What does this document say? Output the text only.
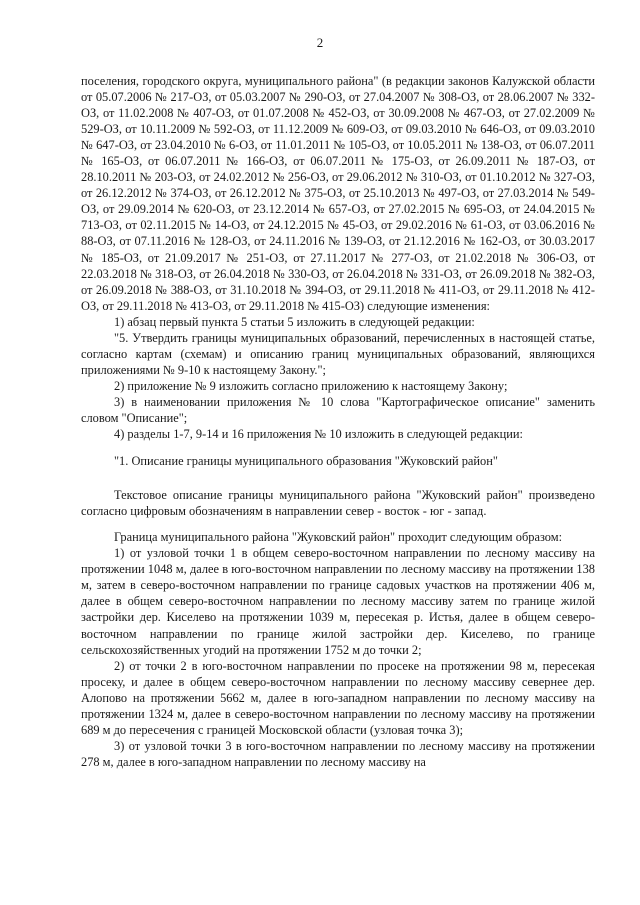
2

поселения, городского округа, муниципального района" (в редакции законов Калужской области от 05.07.2006 № 217-ОЗ, от 05.03.2007 № 290-ОЗ, от 27.04.2007 № 308-ОЗ, от 28.06.2007 № 332-ОЗ, от 11.02.2008 № 407-ОЗ, от 01.07.2008 № 452-ОЗ, от 30.09.2008 № 467-ОЗ, от 27.02.2009 № 529-ОЗ, от 10.11.2009 № 592-ОЗ, от 11.12.2009 № 609-ОЗ, от 09.03.2010 № 646-ОЗ, от 09.03.2010 № 647-ОЗ, от 23.04.2010 № 6-ОЗ, от 11.01.2011 № 105-ОЗ, от 10.05.2011 № 138-ОЗ, от 06.07.2011 № 165-ОЗ, от 06.07.2011 № 166-ОЗ, от 06.07.2011 № 175-ОЗ, от 26.09.2011 № 187-ОЗ, от 28.10.2011 № 203-ОЗ, от 24.02.2012 № 256-ОЗ, от 29.06.2012 № 310-ОЗ, от 01.10.2012 № 327-ОЗ, от 26.12.2012 № 374-ОЗ, от 26.12.2012 № 375-ОЗ, от 25.10.2013 № 497-ОЗ, от 27.03.2014 № 549-ОЗ, от 29.09.2014 № 620-ОЗ, от 23.12.2014 № 657-ОЗ, от 27.02.2015 № 695-ОЗ, от 24.04.2015 № 713-ОЗ, от 02.11.2015 № 14-ОЗ, от 24.12.2015 № 45-ОЗ, от 29.02.2016 № 61-ОЗ, от 03.06.2016 № 88-ОЗ, от 07.11.2016 № 128-ОЗ, от 24.11.2016 № 139-ОЗ, от 21.12.2016 № 162-ОЗ, от 30.03.2017 № 185-ОЗ, от 21.09.2017 № 251-ОЗ, от 27.11.2017 № 277-ОЗ, от 21.02.2018 № 306-ОЗ, от 22.03.2018 № 318-ОЗ, от 26.04.2018 № 330-ОЗ, от 26.04.2018 № 331-ОЗ, от 26.09.2018 № 382-ОЗ, от 26.09.2018 № 388-ОЗ, от 31.10.2018 № 394-ОЗ, от 29.11.2018 № 411-ОЗ, от 29.11.2018 № 412-ОЗ, от 29.11.2018 № 413-ОЗ, от 29.11.2018 № 415-ОЗ) следующие изменения:

1) абзац первый пункта 5 статьи 5 изложить в следующей редакции:

"5. Утвердить границы муниципальных образований, перечисленных в настоящей статье, согласно картам (схемам) и описанию границ муниципальных образований, являющихся приложениями № 9-10 к настоящему Закону.";

2) приложение № 9 изложить согласно приложению к настоящему Закону;

3) в наименовании приложения № 10 слова "Картографическое описание" заменить словом "Описание";

4) разделы 1-7, 9-14 и 16 приложения № 10 изложить в следующей редакции:

"1. Описание границы муниципального образования "Жуковский район"

Текстовое описание границы муниципального района "Жуковский район" произведено согласно цифровым обозначениям в направлении север - восток - юг - запад.

Граница муниципального района "Жуковский район" проходит следующим образом:

1) от узловой точки 1 в общем северо-восточном направлении по лесному массиву на протяжении 1048 м, далее в юго-восточном направлении по лесному массиву на протяжении 138 м, затем в северо-восточном направлении по границе садовых участков на протяжении 406 м, далее в общем северо-восточном направлении по лесному массиву затем по границе жилой застройки дер. Киселево на протяжении 1039 м, пересекая р. Истья, далее в общем северо-восточном направлении по границе жилой застройки дер. Киселево, по границе сельскохозяйственных угодий на протяжении 1752 м до точки 2;

2) от точки 2 в юго-восточном направлении по просеке на протяжении 98 м, пересекая просеку, и далее в общем северо-восточном направлении по лесному массиву севернее дер. Алопово на протяжении 5662 м, далее в юго-западном направлении по лесному массиву на протяжении 1324 м, далее в северо-восточном направлении по лесному массиву на протяжении 689 м до пересечения с границей Московской области (узловая точка 3);

3) от узловой точки 3 в юго-восточном направлении по лесному массиву на протяжении 278 м, далее в юго-западном направлении по лесному массиву на
